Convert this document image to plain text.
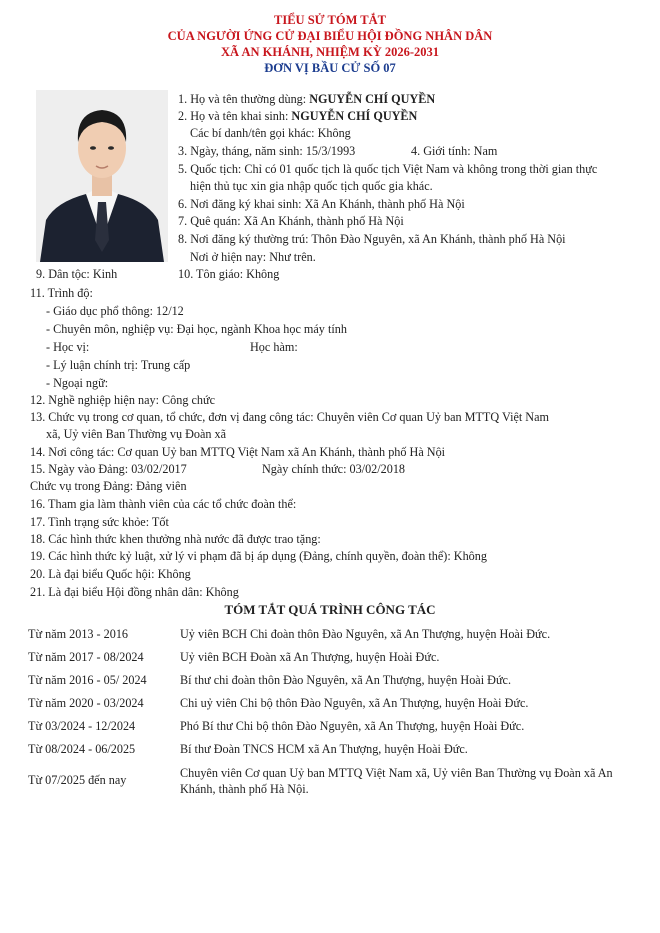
TIỂU SỬ TÓM TẮT
CỦA NGƯỜI ỨNG CỬ ĐẠI BIỂU HỘI ĐỒNG NHÂN DÂN
XÃ AN KHÁNH, NHIỆM KỲ 2026-2031
ĐƠN VỊ BẦU CỬ SỐ 07
1. Họ và tên thường dùng: NGUYỄN CHÍ QUYỀN
2. Họ và tên khai sinh: NGUYỄN CHÍ QUYỀN
Các bí danh/tên gọi khác: Không
3. Ngày, tháng, năm sinh: 15/3/1993	4. Giới tính: Nam
5. Quốc tịch: Chỉ có 01 quốc tịch là quốc tịch Việt Nam và không trong thời gian thực
hiện thủ tục xin gia nhập quốc tịch quốc gia khác.
6. Nơi đăng ký khai sinh: Xã An Khánh, thành phố Hà Nội
7. Quê quán: Xã An Khánh, thành phố Hà Nội
8. Nơi đăng ký thường trú: Thôn Đào Nguyên, xã An Khánh, thành phố Hà Nội
Nơi ở hiện nay: Như trên.
9. Dân tộc: Kinh	10. Tôn giáo: Không
11. Trình độ:
- Giáo dục phổ thông: 12/12
- Chuyên môn, nghiệp vụ: Đại học, ngành Khoa học máy tính
- Học vị:	Học hàm:
- Lý luận chính trị: Trung cấp
- Ngoại ngữ:
12. Nghề nghiệp hiện nay: Công chức
13. Chức vụ trong cơ quan, tổ chức, đơn vị đang công tác: Chuyên viên Cơ quan Uỷ ban MTTQ Việt Nam
xã, Uỷ viên Ban Thường vụ Đoàn xã
14. Nơi công tác: Cơ quan Uỷ ban MTTQ Việt Nam xã An Khánh, thành phố Hà Nội
15. Ngày vào Đảng: 03/02/2017	Ngày chính thức: 03/02/2018
Chức vụ trong Đảng: Đảng viên
16. Tham gia làm thành viên của các tổ chức đoàn thể:
17. Tình trạng sức khỏe: Tốt
18. Các hình thức khen thưởng nhà nước đã được trao tặng:
19. Các hình thức kỷ luật, xử lý vi phạm đã bị áp dụng (Đảng, chính quyền, đoàn thể): Không
20. Là đại biểu Quốc hội: Không
21. Là đại biểu Hội đồng nhân dân: Không
TÓM TẮT QUÁ TRÌNH CÔNG TÁC
Từ năm 2013 - 2016	Uỷ viên BCH Chi đoàn thôn Đào Nguyên, xã An Thượng, huyện Hoài Đức.
Từ năm 2017 - 08/2024	Uỷ viên BCH Đoàn xã An Thượng, huyện Hoài Đức.
Từ năm 2016 - 05/ 2024	Bí thư chi đoàn thôn Đào Nguyên, xã An Thượng, huyện Hoài Đức.
Từ năm 2020 - 03/2024	Chi uỷ viên Chi bộ thôn Đào Nguyên, xã An Thượng, huyện Hoài Đức.
Từ 03/2024 - 12/2024	Phó Bí thư Chi bộ thôn Đào Nguyên, xã An Thượng, huyện Hoài Đức.
Từ 08/2024 - 06/2025	Bí thư Đoàn TNCS HCM xã An Thượng, huyện Hoài Đức.
Từ 07/2025 đến nay	Chuyên viên Cơ quan Uỷ ban MTTQ Việt Nam xã, Uỷ viên Ban Thường vụ Đoàn xã An Khánh, thành phố Hà Nội.
